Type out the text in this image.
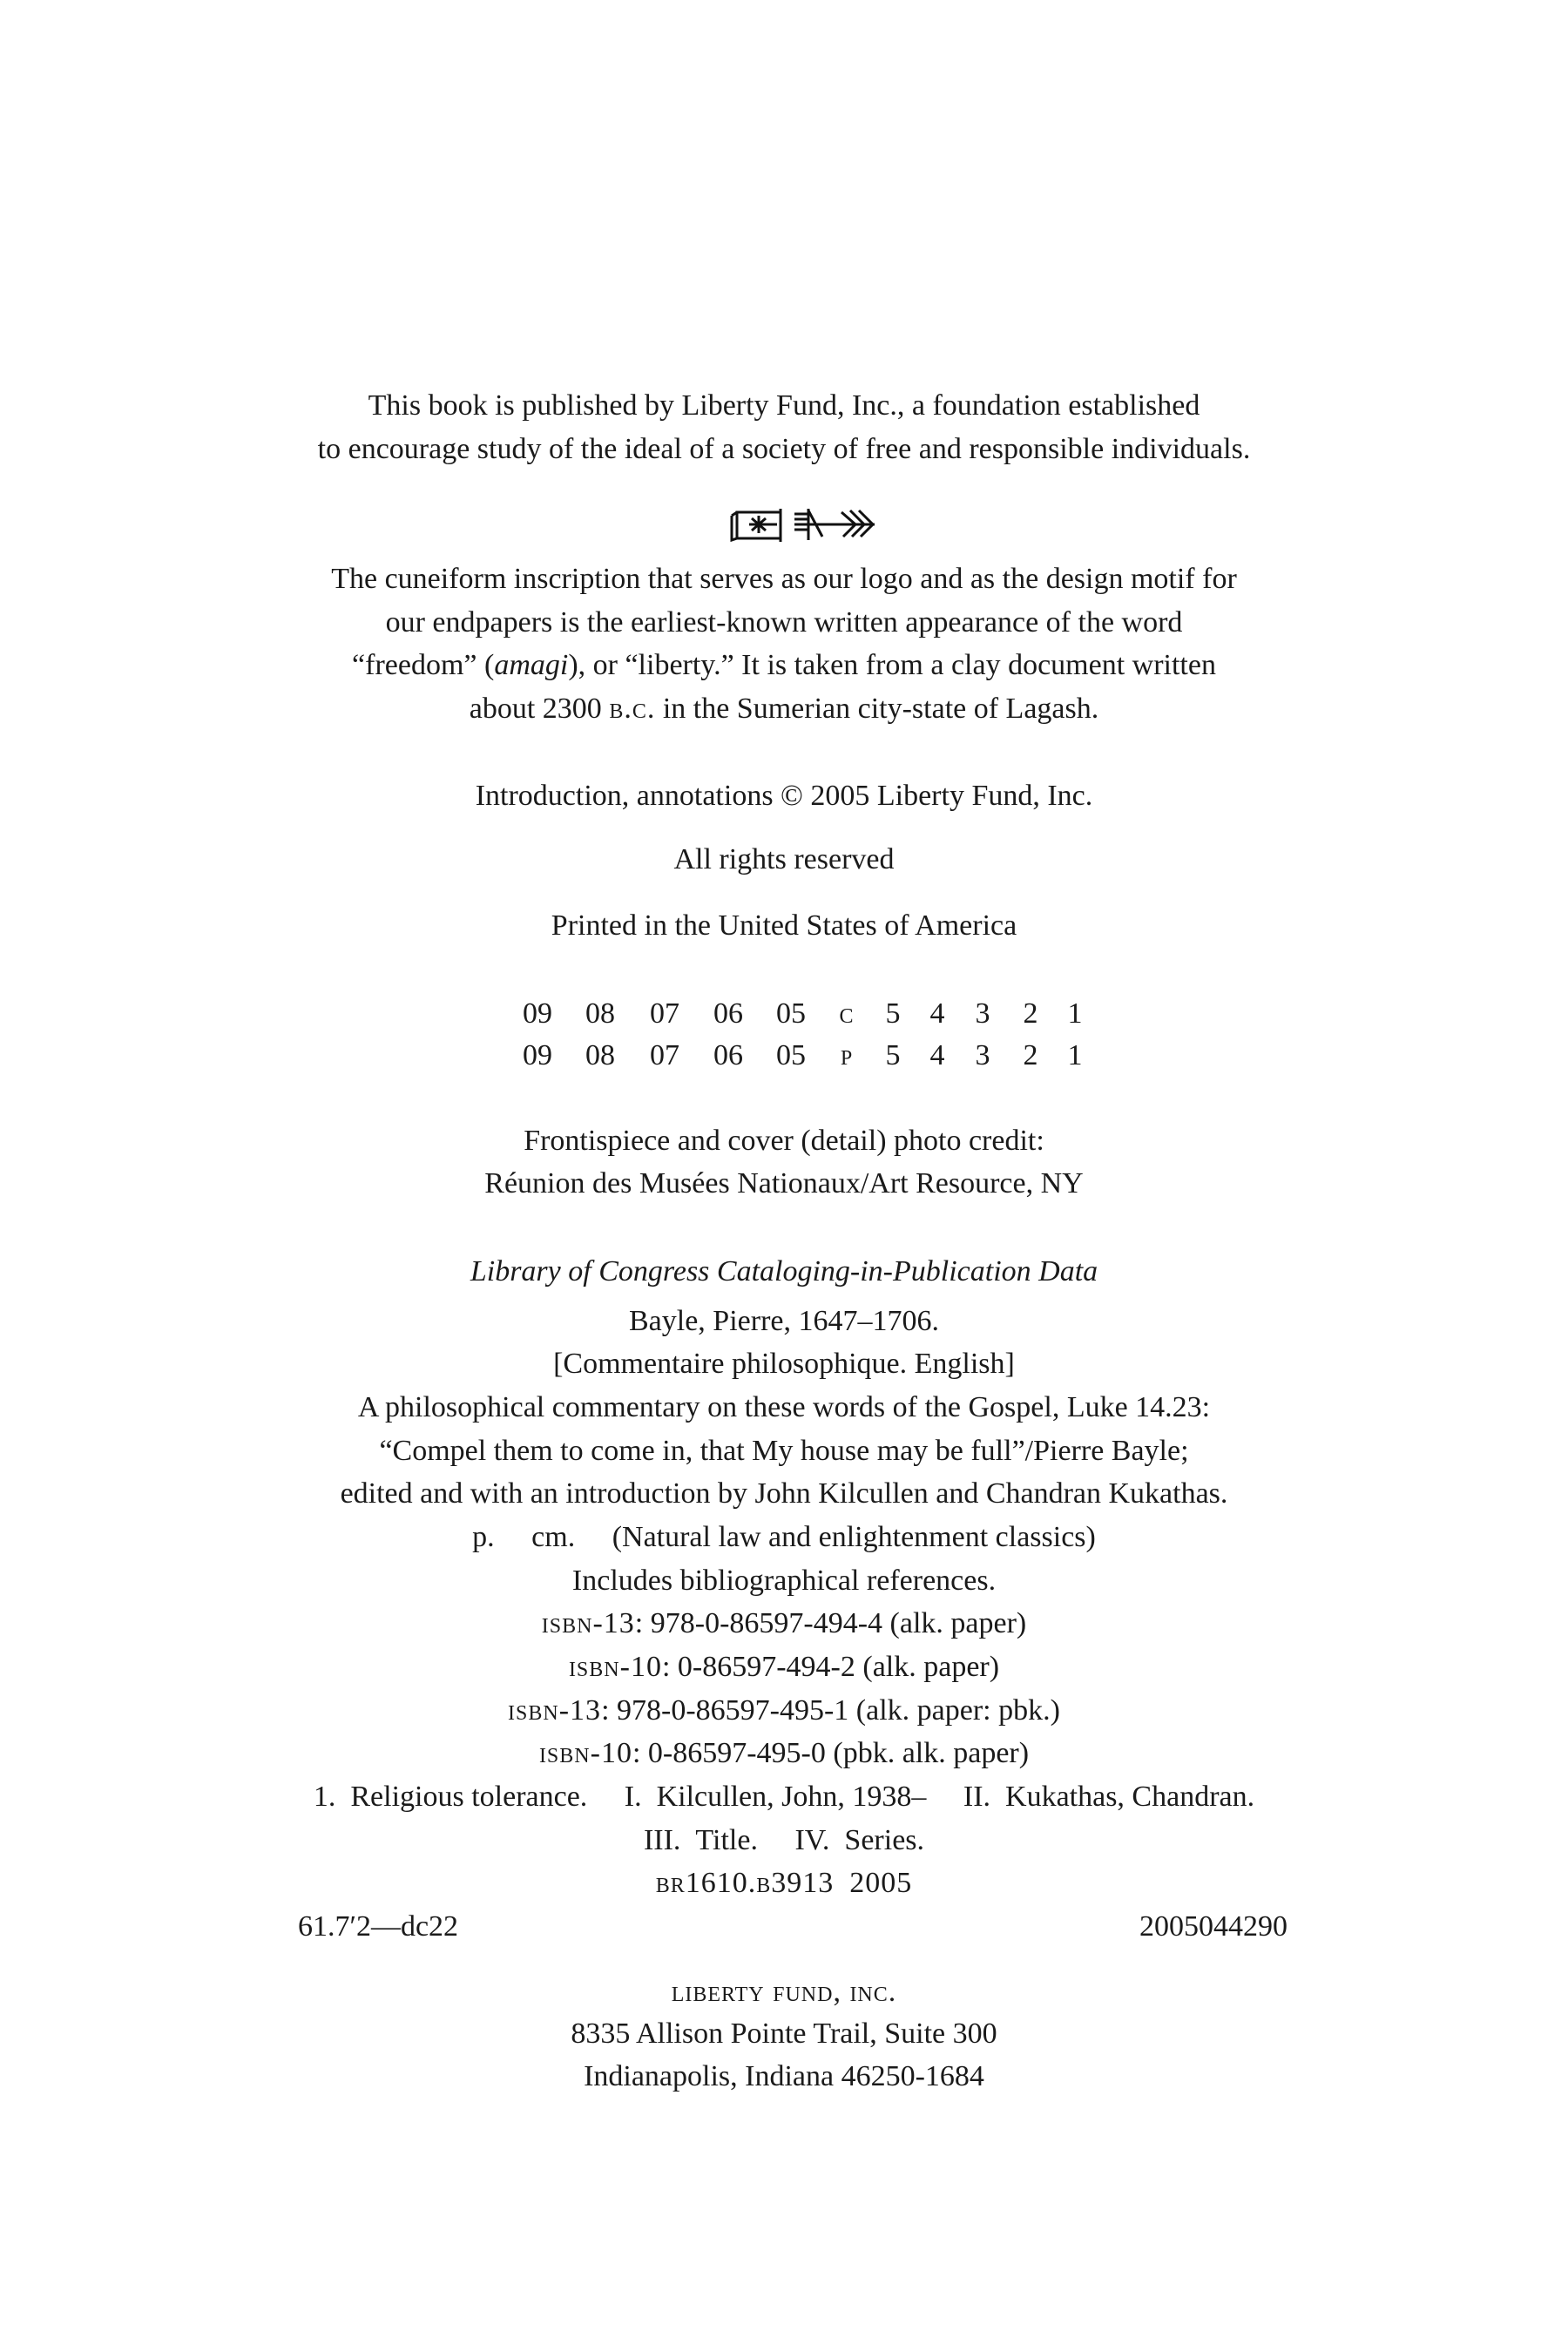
This book is published by Liberty Fund, Inc., a foundation established
to encourage study of the ideal of a society of free and responsible individuals.
The cuneiform inscription that serves as our logo and as the design motif for
our endpapers is the earliest-known written appearance of the word
“freedom” (amagi), or “liberty.” It is taken from a clay document written
about 2300 b.c. in the Sumerian city-state of Lagash.
Introduction, annotations © 2005 Liberty Fund, Inc.
All rights reserved
Printed in the United States of America
09	08	07	06	05	c	5	4	3	2	1
09	08	07	06	05	p	5	4	3	2	1
Frontispiece and cover (detail) photo credit:
Réunion des Musées Nationaux/Art Resource, NY
Library of Congress Cataloging-in-Publication Data
Bayle, Pierre, 1647–1706.
[Commentaire philosophique. English]
A philosophical commentary on these words of the Gospel, Luke 14.23:
“Compel them to come in, that My house may be full”/Pierre Bayle;
edited and with an introduction by John Kilcullen and Chandran Kukathas.
p.  cm.  (Natural law and enlightenment classics)
Includes bibliographical references.
isbn-13: 978-0-86597-494-4 (alk. paper)
isbn-10: 0-86597-494-2 (alk. paper)
isbn-13: 978-0-86597-495-1 (alk. paper: pbk.)
isbn-10: 0-86597-495-0 (pbk. alk. paper)
1. Religious tolerance.  I. Kilcullen, John, 1938–  II. Kukathas, Chandran.
III. Title.  IV. Series.
br1610.b3913 2005
61.7′2—dc22	2005044290
liberty fund, inc.
8335 Allison Pointe Trail, Suite 300
Indianapolis, Indiana 46250-1684
